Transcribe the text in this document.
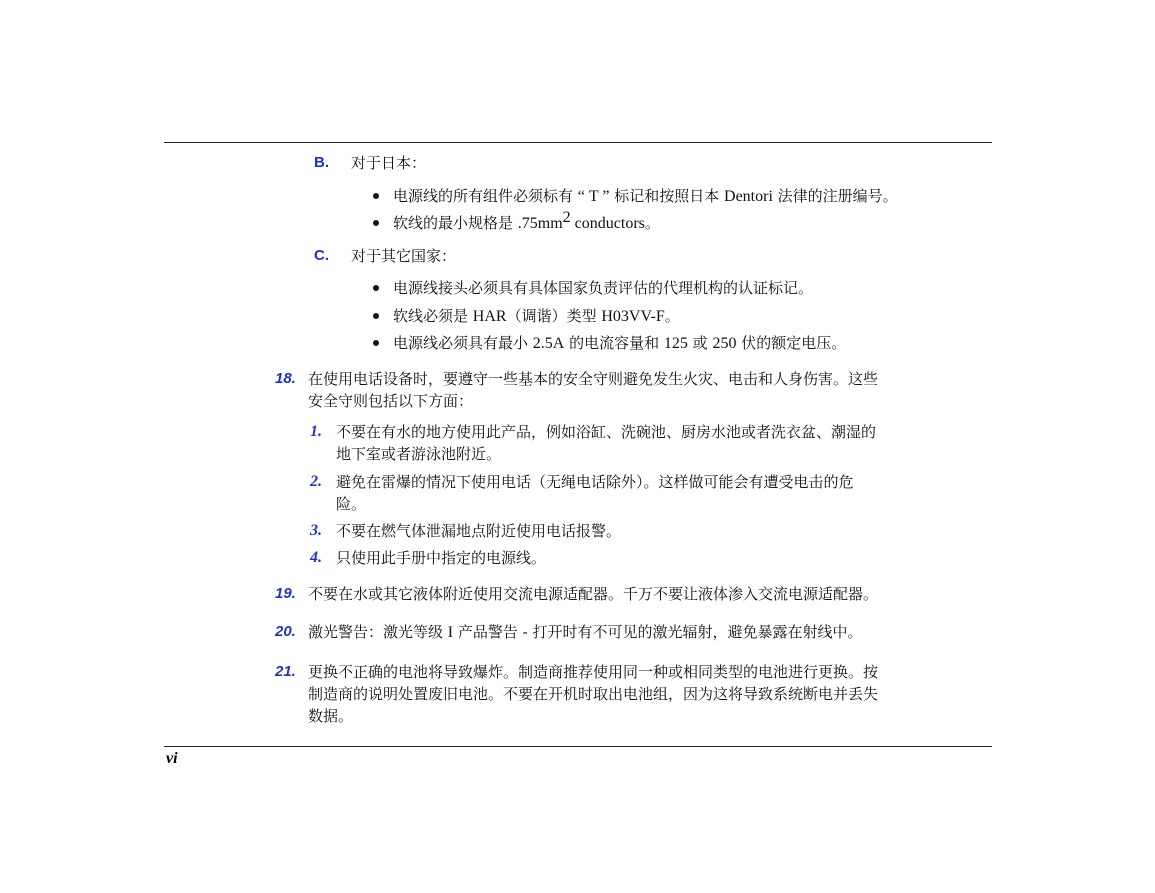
B. 对于日本：
电源线的所有组件必须标有 “ T ” 标记和按照日本 Dentori 法律的注册编号。
软线的最小规格是 $.75mm^2$ conductors。
C. 对于其它国家：
电源线接头必须具有具体国家负责评估的代理机构的认证标记。
软线必须是 HAR（调谐）类型 H03VV-F。
电源线必须具有最小 2.5A 的电流容量和 125 或 250 伏的额定电压。
18. 在使用电话设备时，要遵守一些基本的安全守则避免发生火灾、电击和人身伤害。这些
安全守则包括以下方面：
1. 不要在有水的地方使用此产品，例如浴缸、洗碗池、厨房水池或者洗衣盆、潮湿的
地下室或者游泳池附近。
2. 避免在雷爆的情况下使用电话（无绳电话除外）。这样做可能会有遭受电击的危
险。
3. 不要在燃气体泄漏地点附近使用电话报警。
4. 只使用此手册中指定的电源线。
19. 不要在水或其它液体附近使用交流电源适配器。千万不要让液体渗入交流电源适配器。
20. 激光警告：激光等级 I 产品警告 - 打开时有不可见的激光辐射，避免暴露在射线中。
21. 更换不正确的电池将导致爆炸。制造商推荐使用同一种或相同类型的电池进行更换。按
制造商的说明处置废旧电池。不要在开机时取出电池组，因为这将导致系统断电并丢失
数据。
vi
